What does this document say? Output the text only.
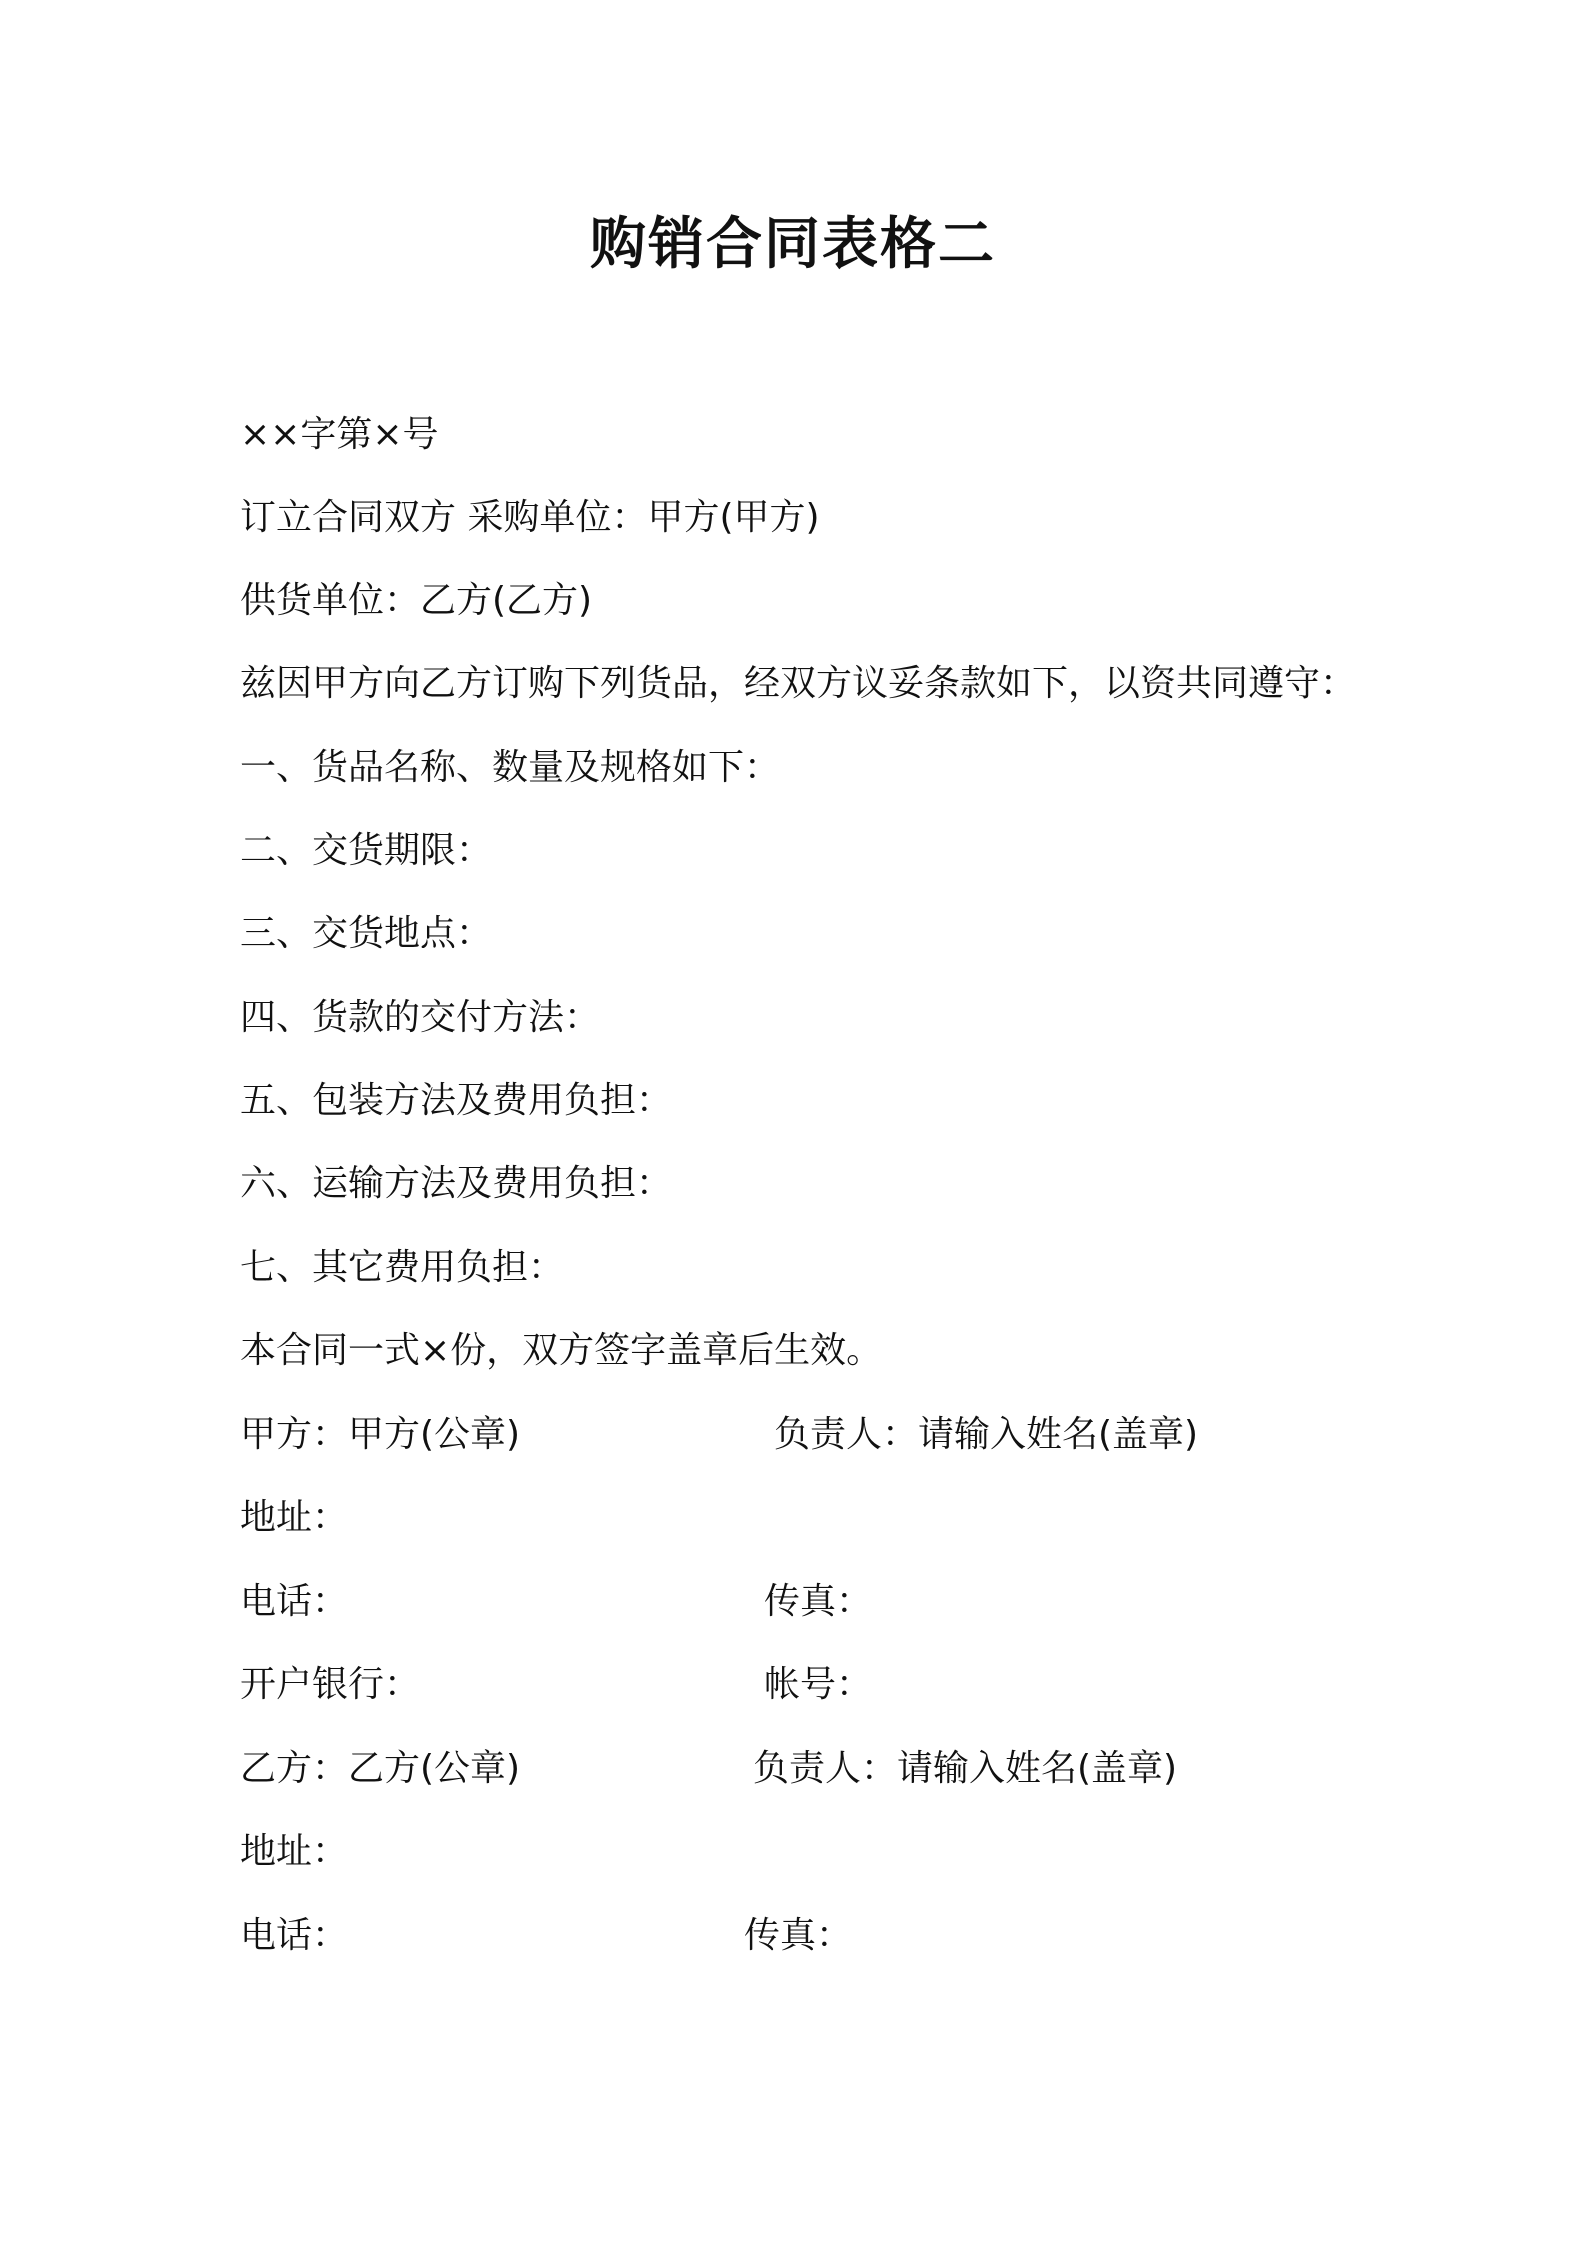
购销合同表格二
××字第×号
订立合同双方 采购单位：甲方(甲方)
供货单位：乙方(乙方)
兹因甲方向乙方订购下列货品，经双方议妥条款如下，以资共同遵守：
一、货品名称、数量及规格如下：
二、交货期限：
三、交货地点：
四、货款的交付方法：
五、包装方法及费用负担：
六、运输方法及费用负担：
七、其它费用负担：
本合同一式×份，双方签字盖章后生效。
甲方：甲方(公章)	负责人：请输入姓名(盖章)
地址：
电话：	传真：
开户银行：	帐号：
乙方：乙方(公章)	负责人：请输入姓名(盖章)
地址：
电话：	传真：
